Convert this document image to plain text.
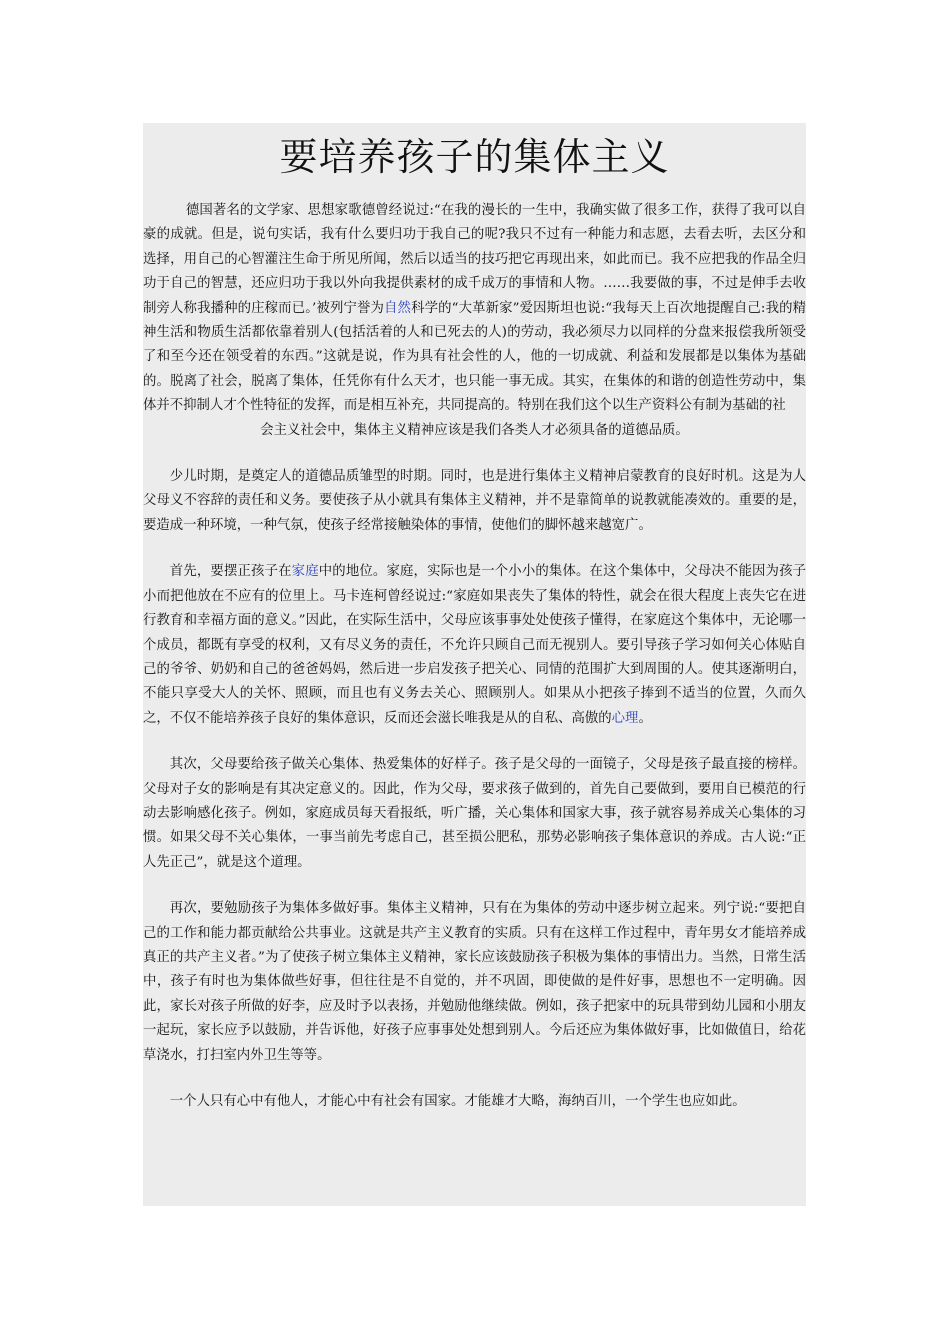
要培养孩子的集体主义

德国著名的文学家、思想家歌德曾经说过:“在我的漫长的一生中，我确实做了很多工作，获得了我可以自豪的成就。但是，说句实话，我有什么要归功于我自己的呢?我只不过有一种能力和志愿，去看去听，去区分和选择，用自己的心智灌注生命于所见所闻，然后以适当的技巧把它再现出来，如此而已。我不应把我的作品全归功于自己的智慧，还应归功于我以外向我提供素材的成千成万的事情和人物。……我要做的事，不过是伸手去收制旁人称我播种的庄稼而已。’被列宁誉为自然科学的“大革新家”爱因斯坦也说:“我每天上百次地提醒自己:我的精神生活和物质生活都依靠着别人(包括活着的人和已死去的人)的劳动，我必须尽力以同样的分盘来报偿我所领受了和至今还在领受着的东西。”这就是说，作为具有社会性的人，他的一切成就、利益和发展都是以集体为基础的。脱离了社会，脱离了集体，任凭你有什么天才，也只能一事无成。其实，在集体的和谐的创造性劳动中，集体并不抑制人才个性特征的发挥，而是相互补充，共同提高的。特别在我们这个以生产资料公有制为基础的社

会主义社会中，集体主义精神应该是我们各类人才必须具备的道德品质。

少儿时期，是奠定人的道德品质雏型的时期。同时，也是进行集体主义精神启蒙教育的良好时机。这是为人父母义不容辞的责任和义务。要使孩子从小就具有集体主义精神，并不是靠简单的说教就能凑效的。重要的是，要造成一种环境，一种气氛，使孩子经常接触染体的事情，使他们的脚怀越来越宽广。

首先，要摆正孩子在家庭中的地位。家庭，实际也是一个小小的集体。在这个集体中，父母决不能因为孩子小而把他放在不应有的位里上。马卡连柯曾经说过:“家庭如果丧失了集体的特性，就会在很大程度上丧失它在进行教育和幸福方面的意义。”因此，在实际生活中，父母应该事事处处使孩子懂得，在家庭这个集体中，无论哪一个成员，都既有享受的权利，又有尽义务的责任，不允许只顾自己而无视别人。要引导孩子学习如何关心体贴自己的爷爷、奶奶和自己的爸爸妈妈，然后进一步启发孩子把关心、同情的范围扩大到周围的人。使其逐渐明白，不能只享受大人的关怀、照顾，而且也有义务去关心、照顾别人。如果从小把孩子捧到不适当的位置，久而久之，不仅不能培养孩子良好的集体意识，反而还会滋长唯我是从的自私、高傲的心理。

其次，父母要给孩子做关心集体、热爱集体的好样子。孩子是父母的一面镜子，父母是孩子最直接的榜样。父母对子女的影响是有其决定意义的。因此，作为父母，要求孩子做到的，首先自己要做到，要用自已模范的行动去影响感化孩子。例如，家庭成员每天看报纸，听广播，关心集体和国家大事，孩子就容易养成关心集体的习惯。如果父母不关心集体，一事当前先考虑自己，甚至损公肥私，那势必影响孩子集体意识的养成。古人说:“正人先正己”，就是这个道理。

再次，要勉励孩子为集体多做好事。集体主义精神，只有在为集体的劳动中逐步树立起来。列宁说:“要把自己的工作和能力都贡献给公共事业。这就是共产主义教育的实质。只有在这样工作过程中，青年男女才能培养成真正的共产主义者。”为了使孩子树立集体主义精神，家长应该鼓励孩子积极为集体的事情出力。当然，日常生活中，孩子有时也为集体做些好事，但往往是不自觉的，并不巩固，即使做的是件好事，思想也不一定明确。因此，家长对孩子所做的好李，应及时予以表扬，并勉励他继续做。例如，孩子把家中的玩具带到幼儿园和小朋友一起玩，家长应予以鼓励，并告诉他，好孩子应事事处处想到别人。今后还应为集体做好事，比如做值日，给花草浇水，打扫室内外卫生等等。

一个人只有心中有他人，才能心中有社会有国家。才能雄才大略，海纳百川，一个学生也应如此。
